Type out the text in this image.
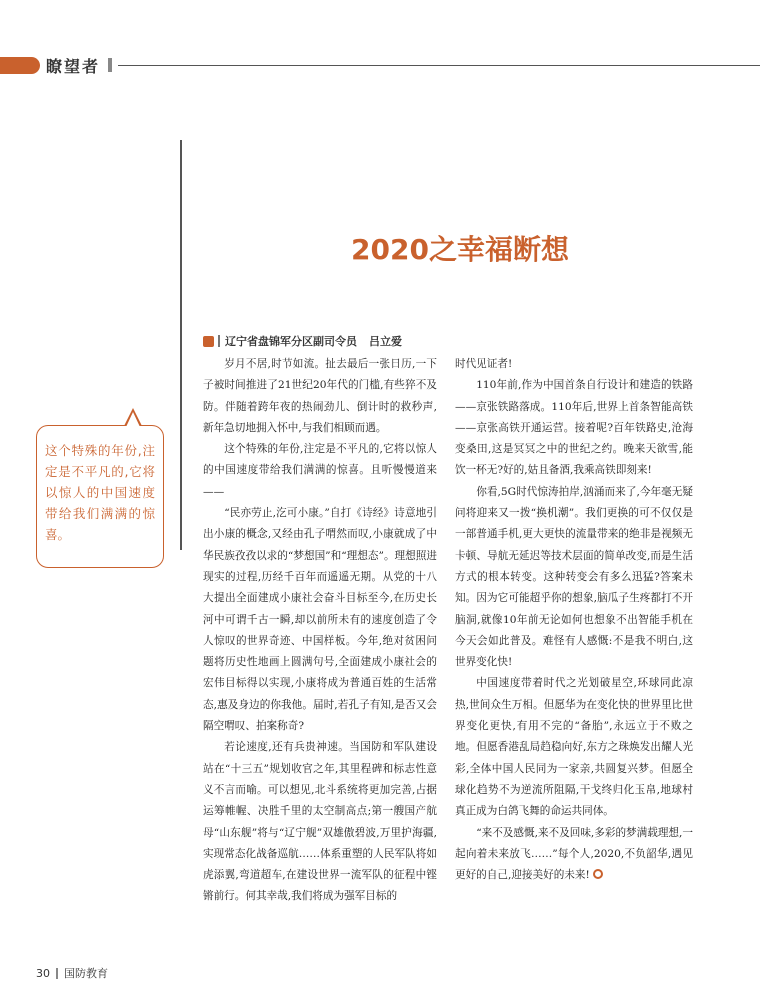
瞭望者
2020之幸福断想
辽宁省盘锦军分区副司令员 吕立爱

这个特殊的年份,注定是不平凡的,它将以惊人的中国速度带给我们满满的惊喜。

岁月不居,时节如流。扯去最后一张日历,一下子被时间推进了21世纪20年代的门槛,有些猝不及防。伴随着跨年夜的热闹劲儿、倒计时的救秒声,新年急切地拥入怀中,与我们相顾而遇。

这个特殊的年份,注定是不平凡的,它将以惊人的中国速度带给我们满满的惊喜。且听慢慢道来——

“民亦劳止,汔可小康。”自打《诗经》诗意地引出小康的概念,又经由孔子喟然而叹,小康就成了中华民族孜孜以求的“梦想国”和“理想态”。理想照进现实的过程,历经千百年而遥遥无期。从党的十八大提出全面建成小康社会奋斗目标至今,在历史长河中可谓千古一瞬,却以前所未有的速度创造了令人惊叹的世界奇迹、中国样板。今年,绝对贫困问题将历史性地画上圆满句号,全面建成小康社会的宏伟目标得以实现,小康将成为普通百姓的生活常态,惠及身边的你我他。届时,若孔子有知,是否又会隔空喟叹、拍案称奇?

若论速度,还有兵贵神速。当国防和军队建设站在“十三五”规划收官之年,其里程碑和标志性意义不言而喻。可以想见,北斗系统将更加完善,占据运筹帷幄、决胜千里的太空制高点;第一艘国产航母“山东舰”将与“辽宁舰”双雄傲碧波,万里护海疆,实现常态化战备巡航……体系重塑的人民军队将如虎添翼,弯道超车,在建设世界一流军队的征程中铿锵前行。何其幸哉,我们将成为强军目标的

时代见证者!

110年前,作为中国首条自行设计和建造的铁路——京张铁路落成。110年后,世界上首条智能高铁——京张高铁开通运营。接着呢?百年铁路史,沧海变桑田,这是冥冥之中的世纪之约。晚来天欲雪,能饮一杯无?好的,姑且备酒,我乘高铁即刻来!

你看,5G时代惊涛拍岸,汹涌而来了,今年毫无疑问将迎来又一拨“换机潮”。我们更换的可不仅仅是一部普通手机,更大更快的流量带来的绝非是视频无卡顿、导航无延迟等技术层面的简单改变,而是生活方式的根本转变。这种转变会有多么迅猛?答案未知。因为它可能超乎你的想象,脑瓜子生疼都打不开脑洞,就像10年前无论如何也想象不出智能手机在今天会如此普及。难怪有人感慨:不是我不明白,这世界变化快!

中国速度带着时代之光划破星空,环球同此凉热,世间众生万相。但愿华为在变化快的世界里比世界变化更快,有用不完的“备胎”,永远立于不败之地。但愿香港乱局趋稳向好,东方之珠焕发出耀人光彩,全体中国人民同为一家亲,共圆复兴梦。但愿全球化趋势不为逆流所阻隔,干戈终归化玉帛,地球村真正成为白鸽飞舞的命运共同体。

“来不及感慨,来不及回味,多彩的梦满载理想,一起向着未来放飞……”每个人,2020,不负韶华,遇见更好的自己,迎接美好的未来!

30 国防教育
